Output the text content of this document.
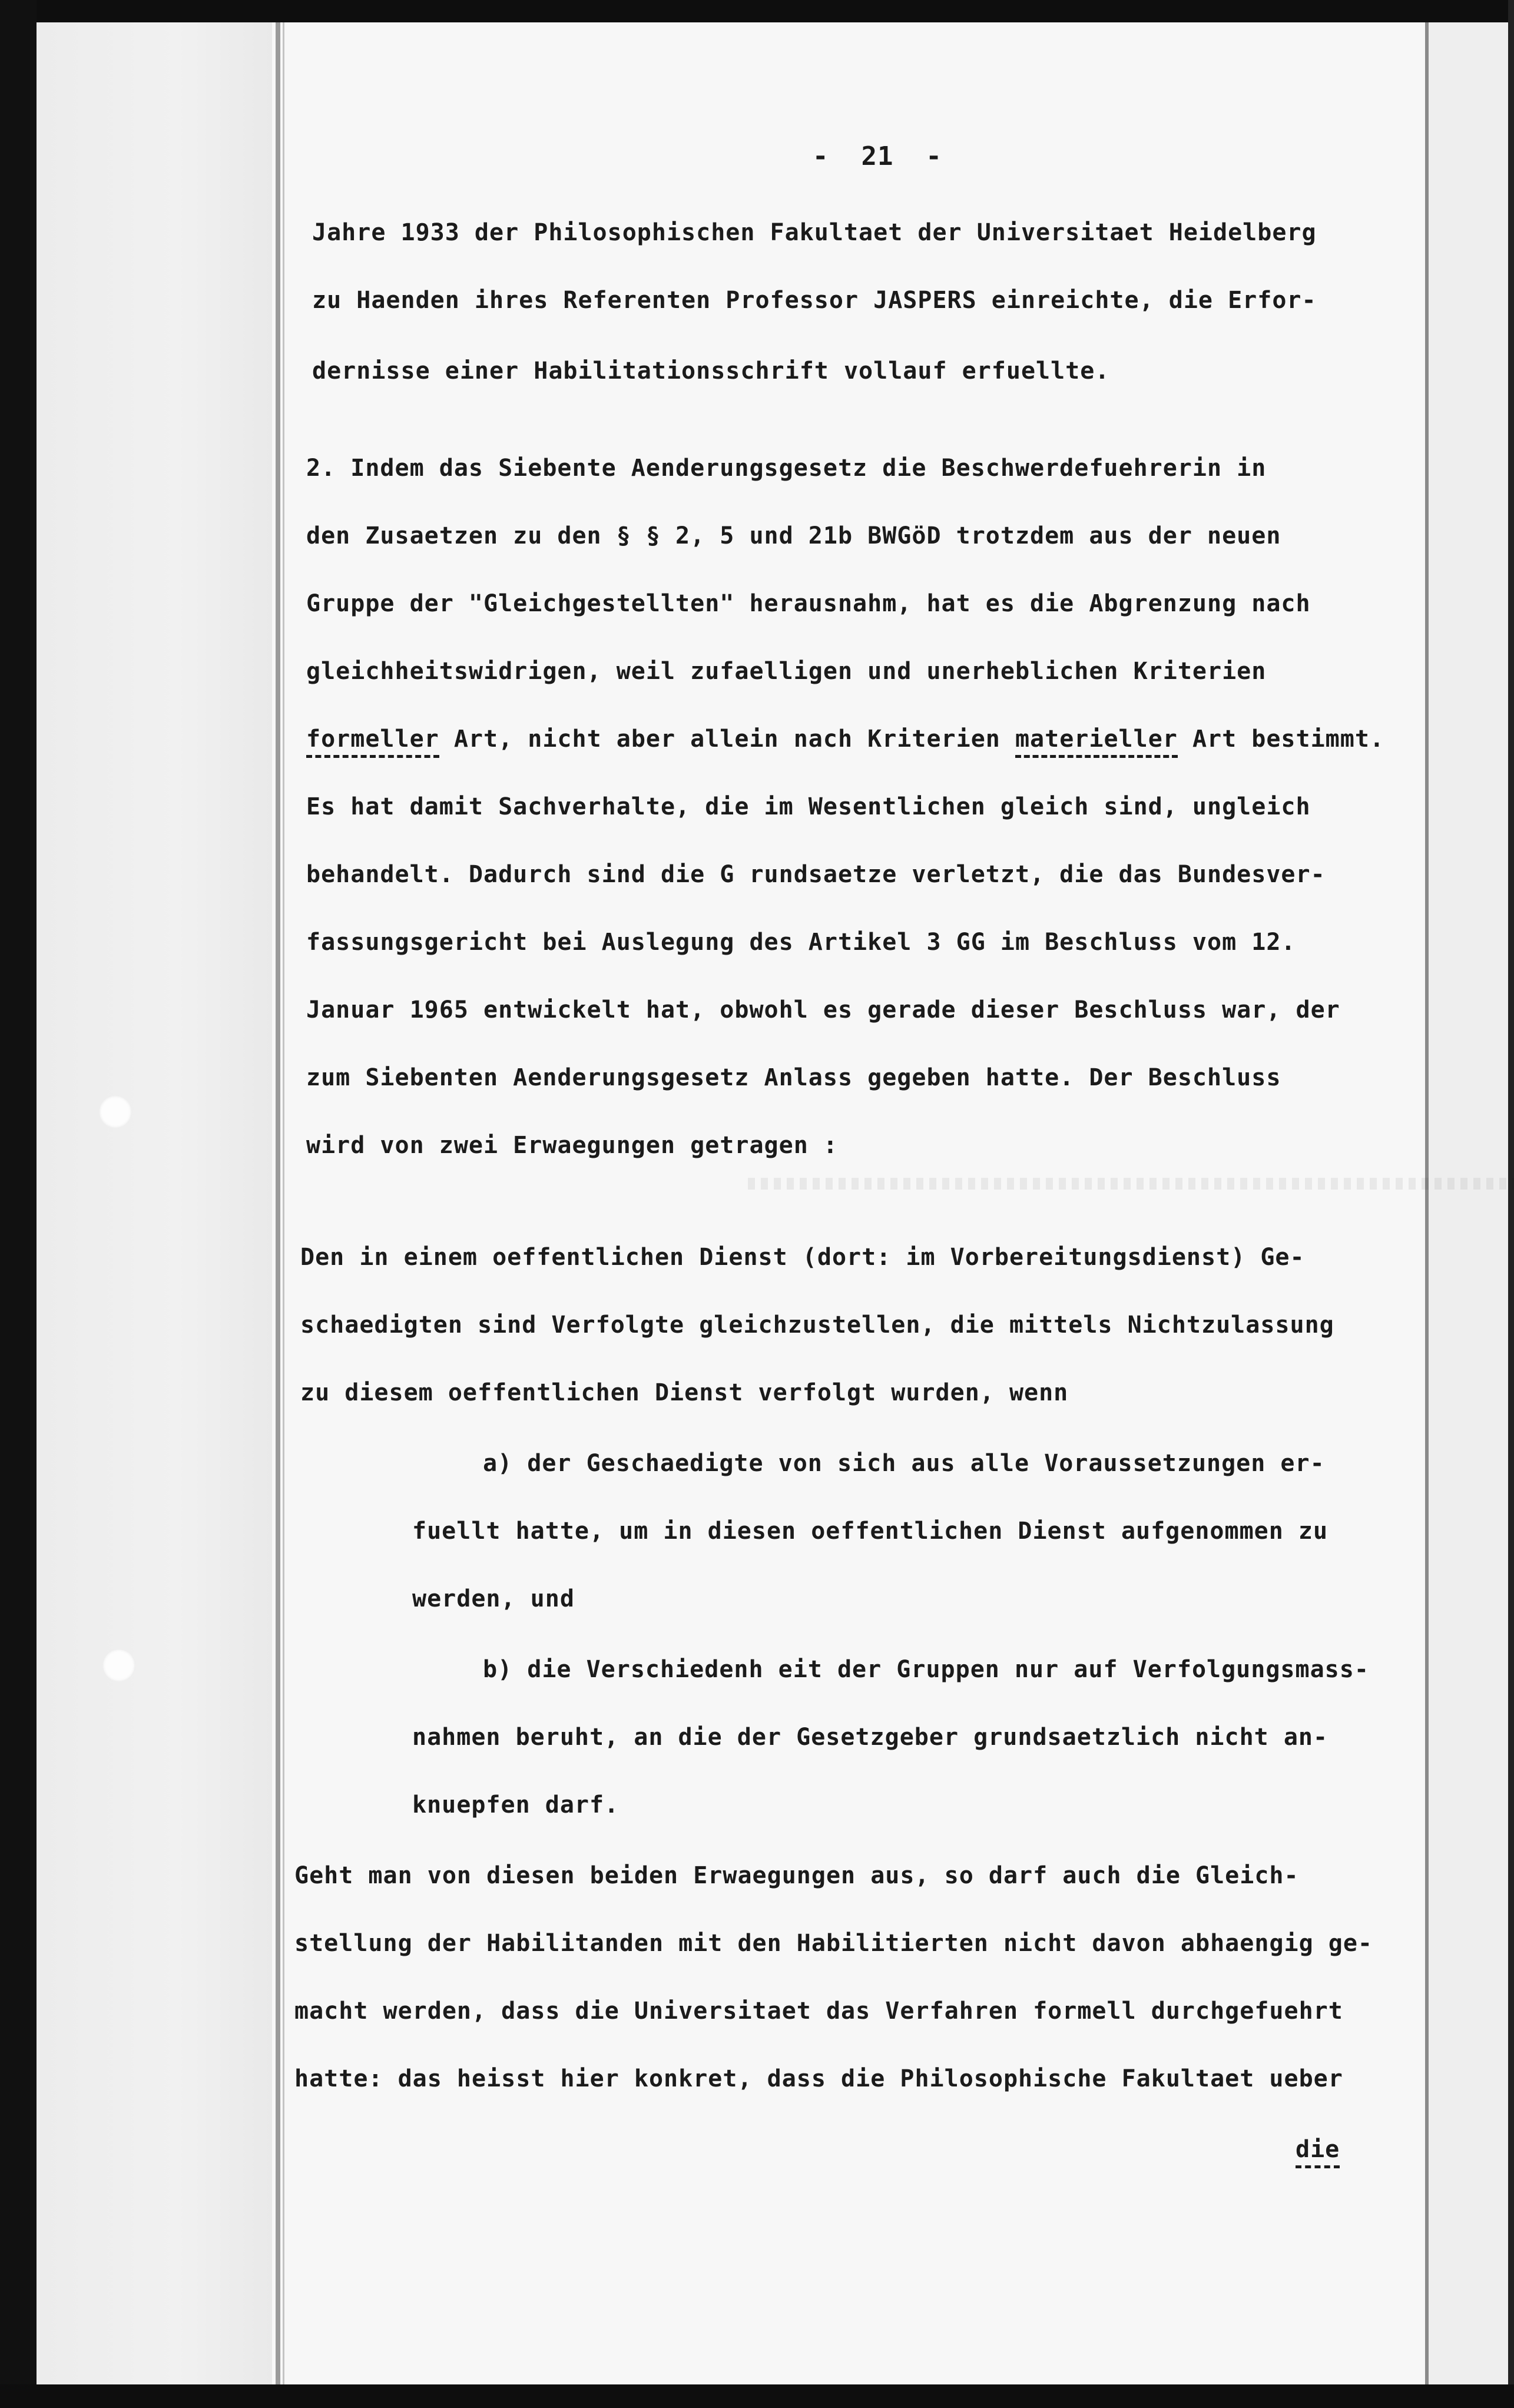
-  21  -
Jahre 1933 der Philosophischen Fakultaet der Universitaet Heidelberg
zu Haenden ihres Referenten Professor JASPERS einreichte, die Erfor-
dernisse einer Habilitationsschrift vollauf erfuellte.
2. Indem das Siebente Aenderungsgesetz die Beschwerdefuehrerin in
den Zusaetzen zu den § § 2, 5 und 21b BWGöD trotzdem aus der neuen
Gruppe der "Gleichgestellten" herausnahm, hat es die Abgrenzung nach
gleichheitswidrigen, weil zufaelligen und unerheblichen Kriterien
formeller Art, nicht aber allein nach Kriterien materieller Art bestimmt.
Es hat damit Sachverhalte, die im Wesentlichen gleich sind, ungleich
behandelt. Dadurch sind die G rundsaetze verletzt, die das Bundesver-
fassungsgericht bei Auslegung des Artikel 3 GG im Beschluss vom 12.
Januar 1965 entwickelt hat, obwohl es gerade dieser Beschluss war, der
zum Siebenten Aenderungsgesetz Anlass gegeben hatte. Der Beschluss
wird von zwei Erwaegungen getragen :
Den in einem oeffentlichen Dienst (dort: im Vorbereitungsdienst) Ge-
schaedigten sind Verfolgte gleichzustellen, die mittels Nichtzulassung
zu diesem oeffentlichen Dienst verfolgt wurden, wenn
a) der Geschaedigte von sich aus alle Voraussetzungen er-
fuellt hatte, um in diesen oeffentlichen Dienst aufgenommen zu
werden, und
b) die Verschiedenh eit der Gruppen nur auf Verfolgungsmass-
nahmen beruht, an die der Gesetzgeber grundsaetzlich nicht an-
knuepfen darf.
Geht man von diesen beiden Erwaegungen aus, so darf auch die Gleich-
stellung der Habilitanden mit den Habilitierten nicht davon abhaengig ge-
macht werden, dass die Universitaet das Verfahren formell durchgefuehrt
hatte: das heisst hier konkret, dass die Philosophische Fakultaet ueber
die
